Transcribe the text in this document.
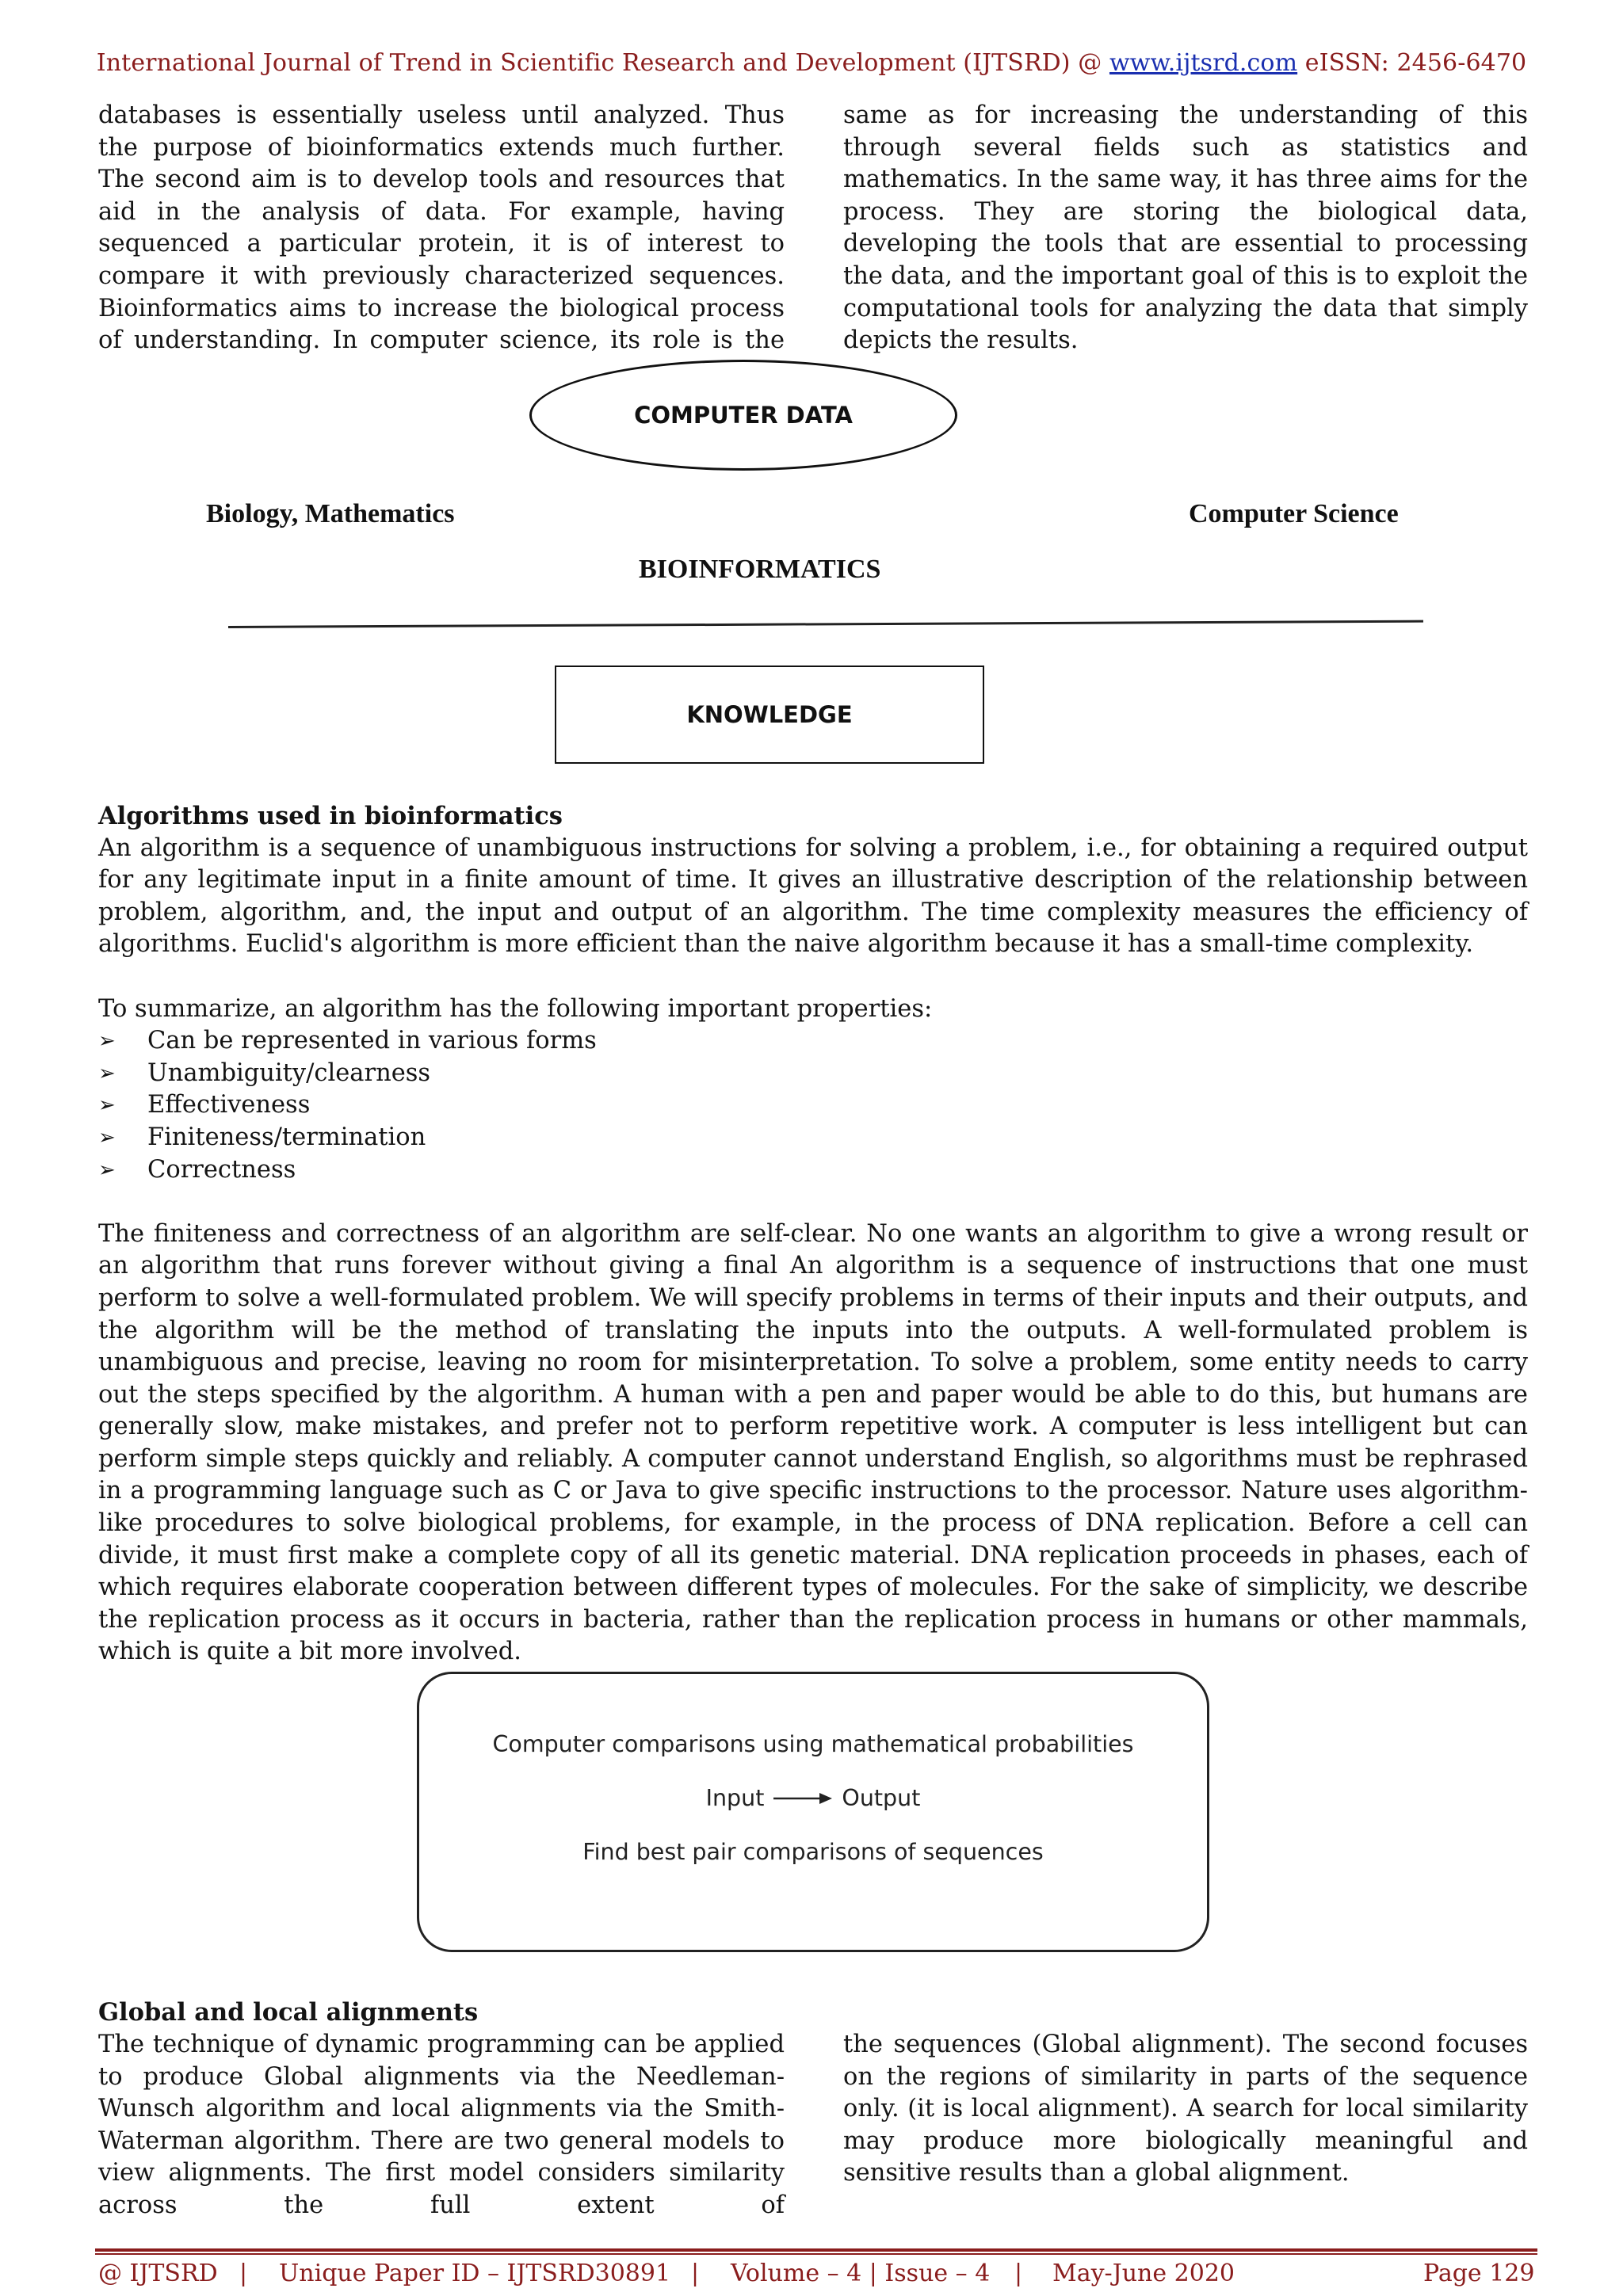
International Journal of Trend in Scientific Research and Development (IJTSRD) @ www.ijtsrd.com eISSN: 2456-6470

databases is essentially useless until analyzed. Thus the purpose of bioinformatics extends much further. The second aim is to develop tools and resources that aid in the analysis of data. For example, having sequenced a particular protein, it is of interest to compare it with previously characterized sequences. Bioinformatics aims to increase the biological process of understanding. In computer science, its role is the

same as for increasing the understanding of this through several fields such as statistics and mathematics. In the same way, it has three aims for the process. They are storing the biological data, developing the tools that are essential to processing the data, and the important goal of this is to exploit the computational tools for analyzing the data that simply depicts the results.

COMPUTER DATA
Biology, Mathematics	Computer Science
BIOINFORMATICS
KNOWLEDGE

Algorithms used in bioinformatics

An algorithm is a sequence of unambiguous instructions for solving a problem, i.e., for obtaining a required output for any legitimate input in a finite amount of time. It gives an illustrative description of the relationship between problem, algorithm, and, the input and output of an algorithm. The time complexity measures the efficiency of algorithms. Euclid's algorithm is more efficient than the naive algorithm because it has a small-time complexity.

To summarize, an algorithm has the following important properties:

➢	Can be represented in various forms
➢	Unambiguity/clearness
➢	Effectiveness
➢	Finiteness/termination
➢	Correctness

The finiteness and correctness of an algorithm are self-clear. No one wants an algorithm to give a wrong result or an algorithm that runs forever without giving a final An algorithm is a sequence of instructions that one must perform to solve a well-formulated problem. We will specify problems in terms of their inputs and their outputs, and the algorithm will be the method of translating the inputs into the outputs. A well-formulated problem is unambiguous and precise, leaving no room for misinterpretation. To solve a problem, some entity needs to carry out the steps specified by the algorithm. A human with a pen and paper would be able to do this, but humans are generally slow, make mistakes, and prefer not to perform repetitive work. A computer is less intelligent but can perform simple steps quickly and reliably. A computer cannot understand English, so algorithms must be rephrased in a programming language such as C or Java to give specific instructions to the processor. Nature uses algorithm-like procedures to solve biological problems, for example, in the process of DNA replication. Before a cell can divide, it must first make a complete copy of all its genetic material. DNA replication proceeds in phases, each of which requires elaborate cooperation between different types of molecules. For the sake of simplicity, we describe the replication process as it occurs in bacteria, rather than the replication process in humans or other mammals, which is quite a bit more involved.

Computer comparisons using mathematical probabilities
Input	Output
Find best pair comparisons of sequences

Global and local alignments

The technique of dynamic programming can be applied to produce Global alignments via the Needleman-Wunsch algorithm and local alignments via the Smith-Waterman algorithm. There are two general models to view alignments. The first model considers similarity across the full extent of

the sequences (Global alignment). The second focuses on the regions of similarity in parts of the sequence only. (it is local alignment). A search for local similarity may produce more biologically meaningful and sensitive results than a global alignment.

@ IJTSRD | Unique Paper ID – IJTSRD30891 | Volume – 4 | Issue – 4 | May-June 2020	Page 129
